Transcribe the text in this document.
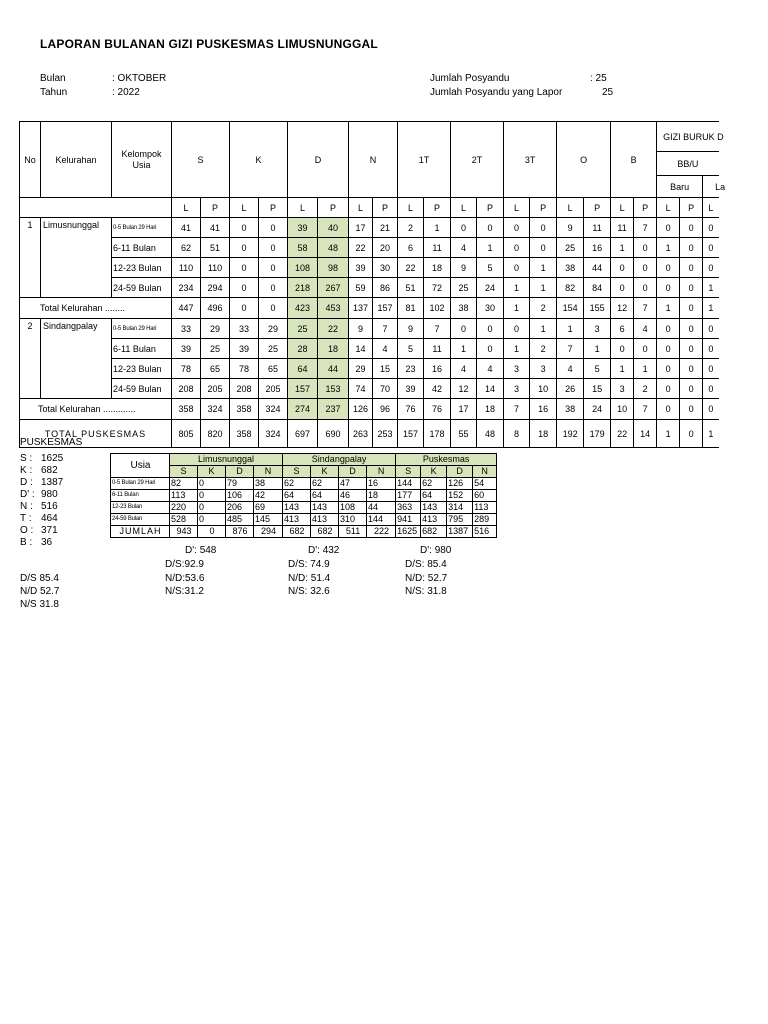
LAPORAN BULANAN GIZI PUSKESMAS LIMUSNUNGGAL
Bulan	: OKTOBER
Tahun	: 2022
Jumlah Posyandu	: 25
Jumlah Posyandu yang Lapor	25
No	Kelurahan	Kelompok Usia	S		K		D		N		1T		2T		3T		O		B		GIZI BURUK D		
																					BB/U		
																					Baru		La
			L	P	L	P	L	P	L	P	L	P	L	P	L	P	L	P	L	P	L	P	L
1	Limusnunggal	0-5 Bulan 29 Hari	41	41	0	0	39	40	17	21	2	1	0	0	0	0	9	11	11	7	0	0	0
		6-11 Bulan	62	51	0	0	58	48	22	20	6	11	4	1	0	0	25	16	1	0	1	0	0
		12-23 Bulan	110	110	0	0	108	98	39	30	22	18	9	5	0	1	38	44	0	0	0	0	0
		24-59 Bulan	234	294	0	0	218	267	59	86	51	72	25	24	1	1	82	84	0	0	0	0	1
Total Kelurahan ........			447	496	0	0	423	453	137	157	81	102	38	30	1	2	154	155	12	7	1	0	1
2	Sindangpalay	0-5 Bulan 29 Hari	33	29	33	29	25	22	9	7	9	7	0	0	0	1	1	3	6	4	0	0	0
		6-11 Bulan	39	25	39	25	28	18	14	4	5	11	1	0	1	2	7	1	0	0	0	0	0
		12-23 Bulan	78	65	78	65	64	44	29	15	23	16	4	4	3	3	4	5	1	1	0	0	0
		24-59 Bulan	208	205	208	205	157	153	74	70	39	42	12	14	3	10	26	15	3	2	0	0	0
Total Kelurahan .............			358	324	358	324	274	237	126	96	76	76	17	18	7	16	38	24	10	7	0	0	0
TOTAL PUSKESMAS			805	820	358	324	697	690	263	253	157	178	55	48	8	18	192	179	22	14	1	0	1
PUSKESMAS
S : 1625
K : 682
D : 1387
D' : 980
N : 516
T : 464
O : 371
B : 36
D/S 85.4
N/D 52.7
N/S 31.8
Usia	Limusnunggal				Sindangpalay				Puskesmas			
	S	K	D	N	S	K	D	N	S	K	D	N
0-5 Bulan 29 Hari	82	0	79	38	62	62	47	16	144	62	126	54
6-11 Bulan	113	0	106	42	64	64	46	18	177	64	152	60
12-23 Bulan	220	0	206	69	143	143	108	44	363	143	314	113
24-59 Bulan	528	0	485	145	413	413	310	144	941	413	795	289
JUMLAH	943	0	876	294	682	682	511	222	1625	682	1387	516
D': 548
D/S:92.9
N/D:53.6
N/S:31.2
D': 432
D/S: 74.9
N/D: 51.4
N/S: 32.6
D': 980
D/S: 85.4
N/D: 52.7
N/S: 31.8
